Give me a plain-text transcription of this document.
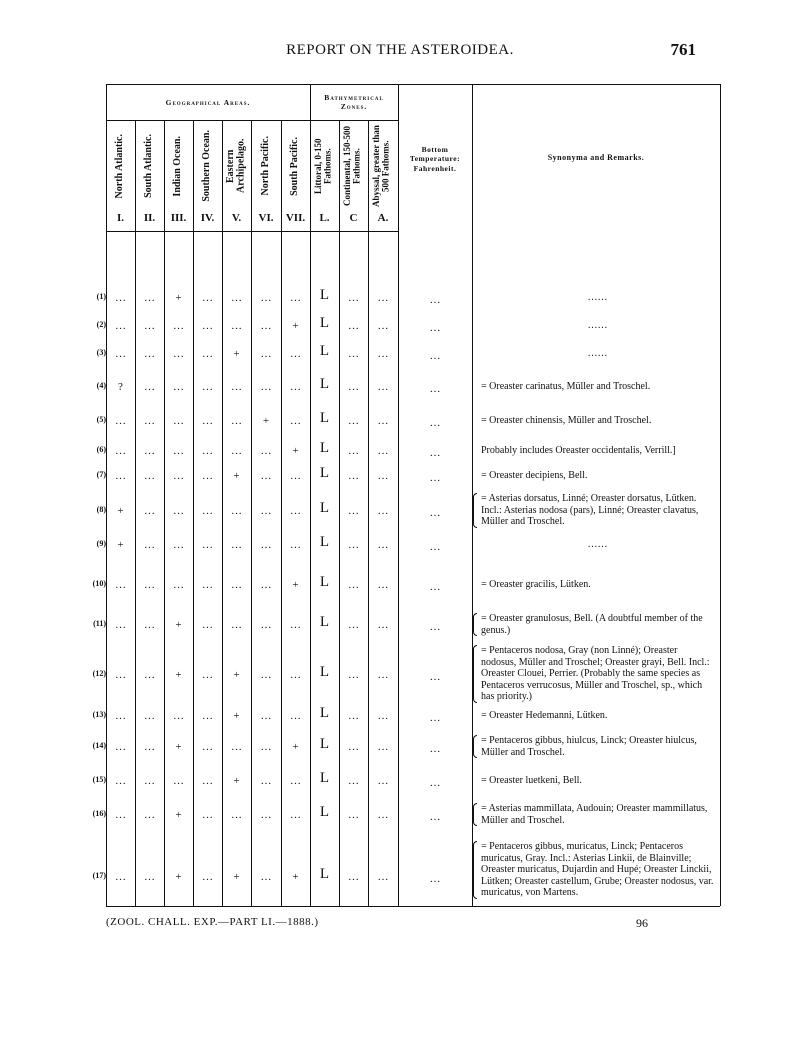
REPORT ON THE ASTEROIDEA.	761
Geographical Areas.
Bathymetrical Zones.
Bottom Temperature: Fahrenheit.
Synonyma and Remarks.
North Atlantic.
I.
South Atlantic.
II.
Indian Ocean.
III.
Southern Ocean.
IV.
Eastern Archipelago.
V.
North Pacific.
VI.
South Pacific.
VII.
Littoral, 0-150 Fathoms.
L.
Continental, 150-500 Fathoms.
C
Abyssal, greater than 500 Fathoms.
A.
(1) …	…	+	…	…	…	…	L	…	…	…	……
(2) …	…	…	…	…	…	+	L	…	…	…	……
(3) …	…	…	…	+	…	…	L	…	…	…	……
(4)	?	…	…	…	…	…	…	L	…	…	…	= Oreaster carinatus, Müller and Troschel.
(5) …	…	…	…	…	+	…	L	…	…	…	= Oreaster chinensis, Müller and Troschel.
(6) …	…	…	…	…	…	+	L	…	…	…	Probably includes Oreaster occidentalis, Verrill.]
(7) …	…	…	…	+	…	…	L	…	…	…	= Oreaster decipiens, Bell.
(8)	+	…	…	…	…	…	…	L	…	…	…
= Asterias dorsatus, Linné; Oreaster dorsatus, Lütken. Incl.: Asterias nodosa (pars), Linné; Oreaster clavatus, Müller and Troschel.
(9)	+	…	…	…	…	…	…	L	…	…	…	……
(10) …	…	…	…	…	…	+	L	…	…	…	= Oreaster gracilis, Lütken.
(11) …	…	+	…	…	…	…	L	…	…	…
= Oreaster granulosus, Bell. (A doubtful member of the genus.)
(12) …	…	+	…	+	…	…	L	…	…	…
= Pentaceros nodosa, Gray (non Linné); Oreaster nodosus, Müller and Troschel; Oreaster grayi, Bell. Incl.: Oreaster Clouei, Perrier. (Probably the same species as Pentaceros verrucosus, Müller and Troschel, sp., which has priority.)
(13) …	…	…	…	+	…	…	L	…	…	…	= Oreaster Hedemanni, Lütken.
(14) …	…	+	…	…	…	+	L	…	…	…
= Pentaceros gibbus, hiulcus, Linck; Oreaster hiulcus, Müller and Troschel.
(15) …	…	…	…	+	…	…	L	…	…	…	= Oreaster luetkeni, Bell.
(16) …	…	+	…	…	…	…	L	…	…	…
= Asterias mammillata, Audouin; Oreaster mammillatus, Müller and Troschel.
(17) …	…	+	…	+	…	+	L	…	…	…
= Pentaceros gibbus, muricatus, Linck; Pentaceros muricatus, Gray. Incl.: Asterias Linkii, de Blainville; Oreaster muricatus, Dujardin and Hupé; Oreaster Linckii, Lütken; Oreaster castellum, Grube; Oreaster nodosus, var. muricatus, von Martens.
(ZOOL. CHALL. EXP.—PART LI.—1888.)	96
